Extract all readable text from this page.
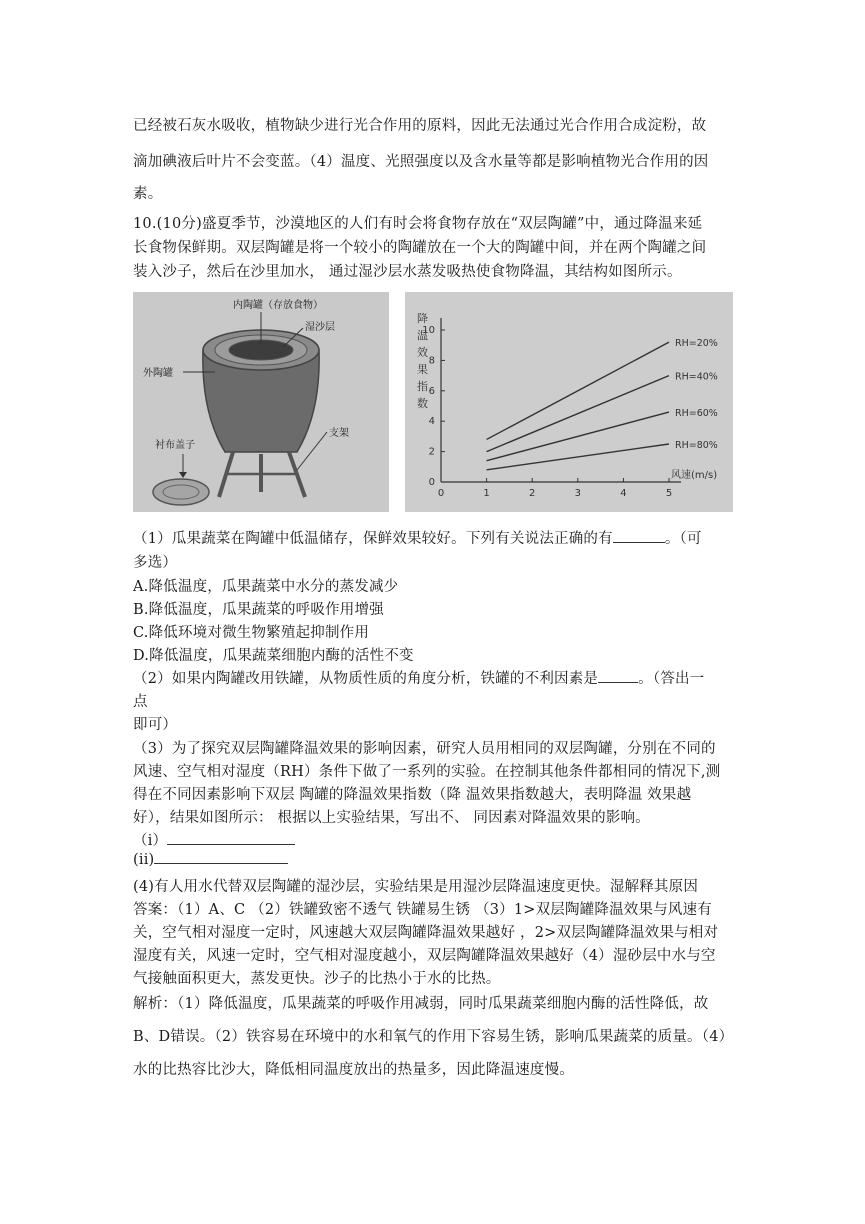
已经被石灰水吸收，植物缺少进行光合作用的原料，因此无法通过光合作用合成淀粉，故
滴加碘液后叶片不会变蓝。（4）温度、光照强度以及含水量等都是影响植物光合作用的因
素。
10.(10分)盛夏季节，沙漠地区的人们有时会将食物存放在“双层陶罐”中，通过降温来延
长食物保鲜期。双层陶罐是将一个较小的陶罐放在一个大的陶罐中间，并在两个陶罐之间
装入沙子，然后在沙里加水， 通过湿沙层水蒸发吸热使食物降温，其结构如图所示。
内陶罐（存放食物）
湿沙层
外陶罐
支架
衬布盖子
0	1	2	3	4	5
0
2
4
6
8
10
降
温
效
果
指
数
风速(m/s)
RH=20%
RH=40%
RH=60%
RH=80%
（1）瓜果蔬菜在陶罐中低温储存，保鲜效果较好。下列有关说法正确的有	。（可
多选）
A.降低温度，瓜果蔬菜中水分的蒸发减少
B.降低温度，瓜果蔬菜的呼吸作用增强
C.降低环境对微生物繁殖起抑制作用
D.降低温度，瓜果蔬菜细胞内酶的活性不变
（2）如果内陶罐改用铁罐，从物质性质的角度分析，铁罐的不利因素是	。（答出一
点
即可）
（3）为了探究双层陶罐降温效果的影响因素，研究人员用相同的双层陶罐，分别在不同的
风速、空气相对湿度（RH）条件下做了一系列的实验。在控制其他条件都相同的情况下,测
得在不同因素影响下双层 陶罐的降温效果指数（降 温效果指数越大，表明降温 效果越
好），结果如图所示： 根据以上实验结果，写出不、 同因素对降温效果的影响。
（i）
(ii)
(4)有人用水代替双层陶罐的湿沙层，实验结果是用湿沙层降温速度更快。湿解释其原因
答案：（1）A、C （2）铁罐致密不透气 铁罐易生锈 （3）1>双层陶罐降温效果与风速有
关，空气相对湿度一定时，风速越大双层陶罐降温效果越好 ，2>双层陶罐降温效果与相对
湿度有关，风速一定时，空气相对湿度越小，双层陶罐降温效果越好（4）湿砂层中水与空
气接触面积更大，蒸发更快。沙子的比热小于水的比热。
解析：（1）降低温度，瓜果蔬菜的呼吸作用减弱，同时瓜果蔬菜细胞内酶的活性降低，故
B、D错误。（2）铁容易在环境中的水和氧气的作用下容易生锈，影响瓜果蔬菜的质量。（4）
水的比热容比沙大，降低相同温度放出的热量多，因此降温速度慢。
